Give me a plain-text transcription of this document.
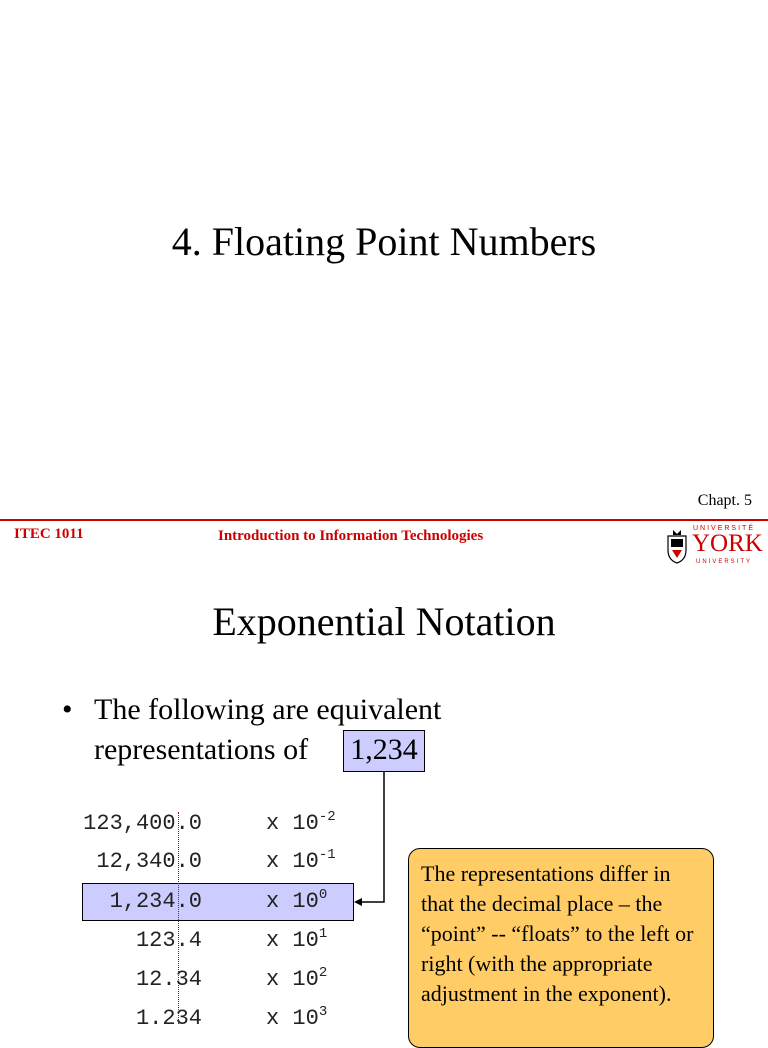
4. Floating Point Numbers
Chapt. 5
ITEC 1011	Introduction to Information Technologies	UNIVERSITÉ
YORK
UNIVERSITY
Exponential Notation
• The following are equivalent
representations of 1,234
123,400.0	x $10^{-2}$
12,340.0	x $10^{-1}$
1,234.0	x $10^0$
123.4	x $10^1$
12.34	x $10^2$
1.234	x $10^3$
The representations differ in that the decimal place – the “point” -- “floats” to the left or right (with the appropriate adjustment in the exponent).
